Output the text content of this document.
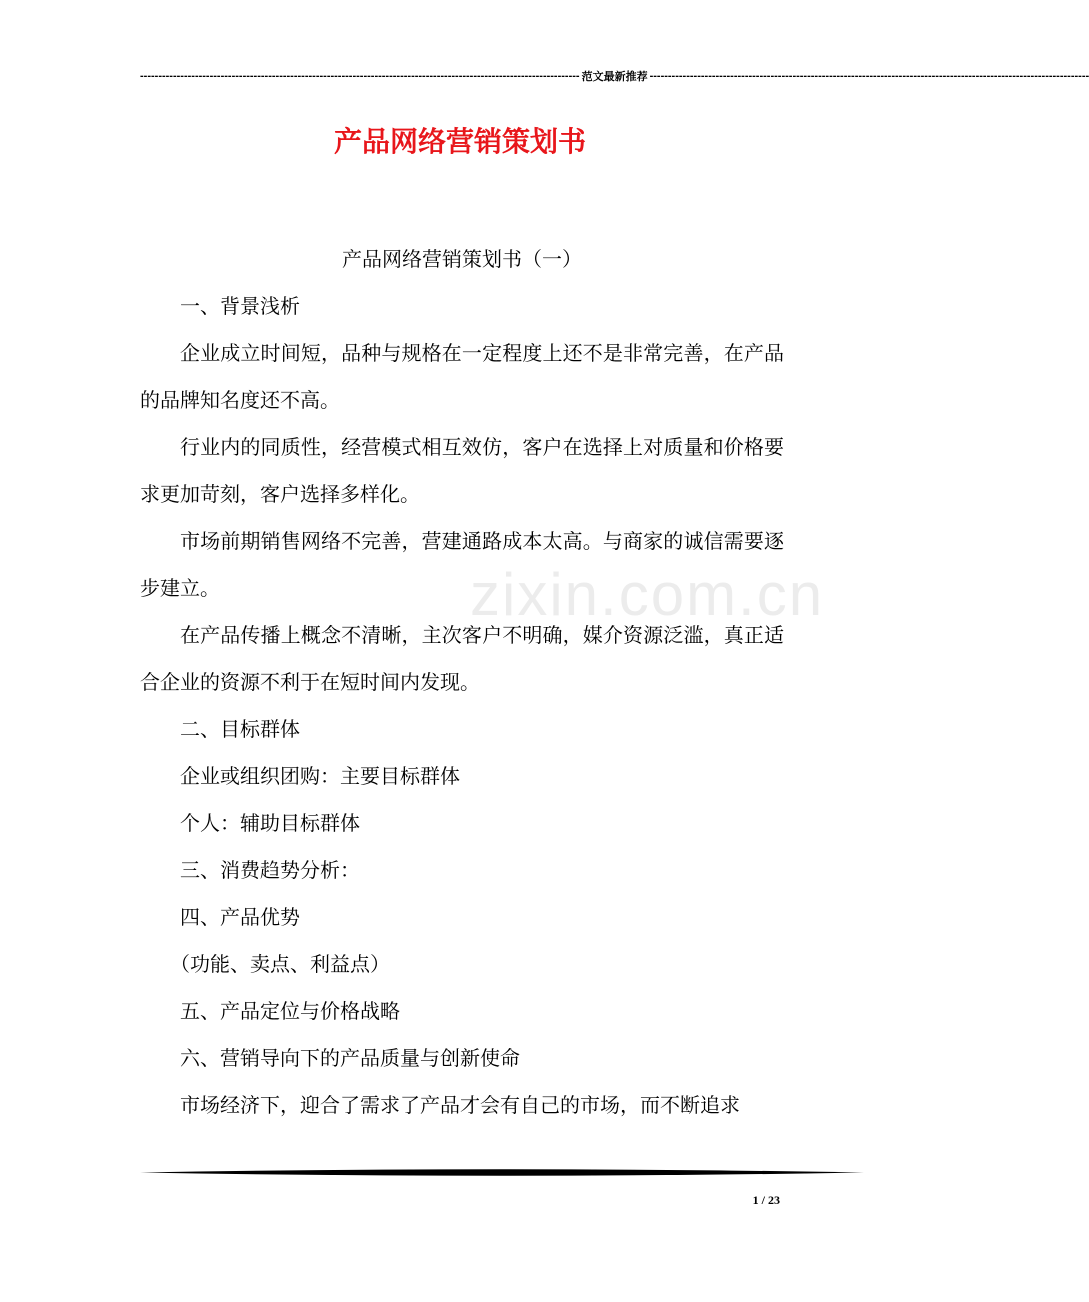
------------------------------------------------------------------------------------------------------------------------ 范文最新推荐 ------------------------------------------------------------------------------------------------------------------------
产品网络营销策划书
zixin.com.cn

产品网络营销策划书（一）

一、背景浅析

企业成立时间短，品种与规格在一定程度上还不是非常完善，在产品的品牌知名度还不高。

行业内的同质性，经营模式相互效仿，客户在选择上对质量和价格要求更加苛刻，客户选择多样化。

市场前期销售网络不完善，营建通路成本太高。与商家的诚信需要逐步建立。

在产品传播上概念不清晰，主次客户不明确，媒介资源泛滥，真正适合企业的资源不利于在短时间内发现。

二、目标群体

企业或组织团购：主要目标群体

个人：辅助目标群体

三、消费趋势分析：

四、产品优势

（功能、卖点、利益点）

五、产品定位与价格战略

六、营销导向下的产品质量与创新使命

市场经济下，迎合了需求了产品才会有自己的市场，而不断追求

1 / 23
